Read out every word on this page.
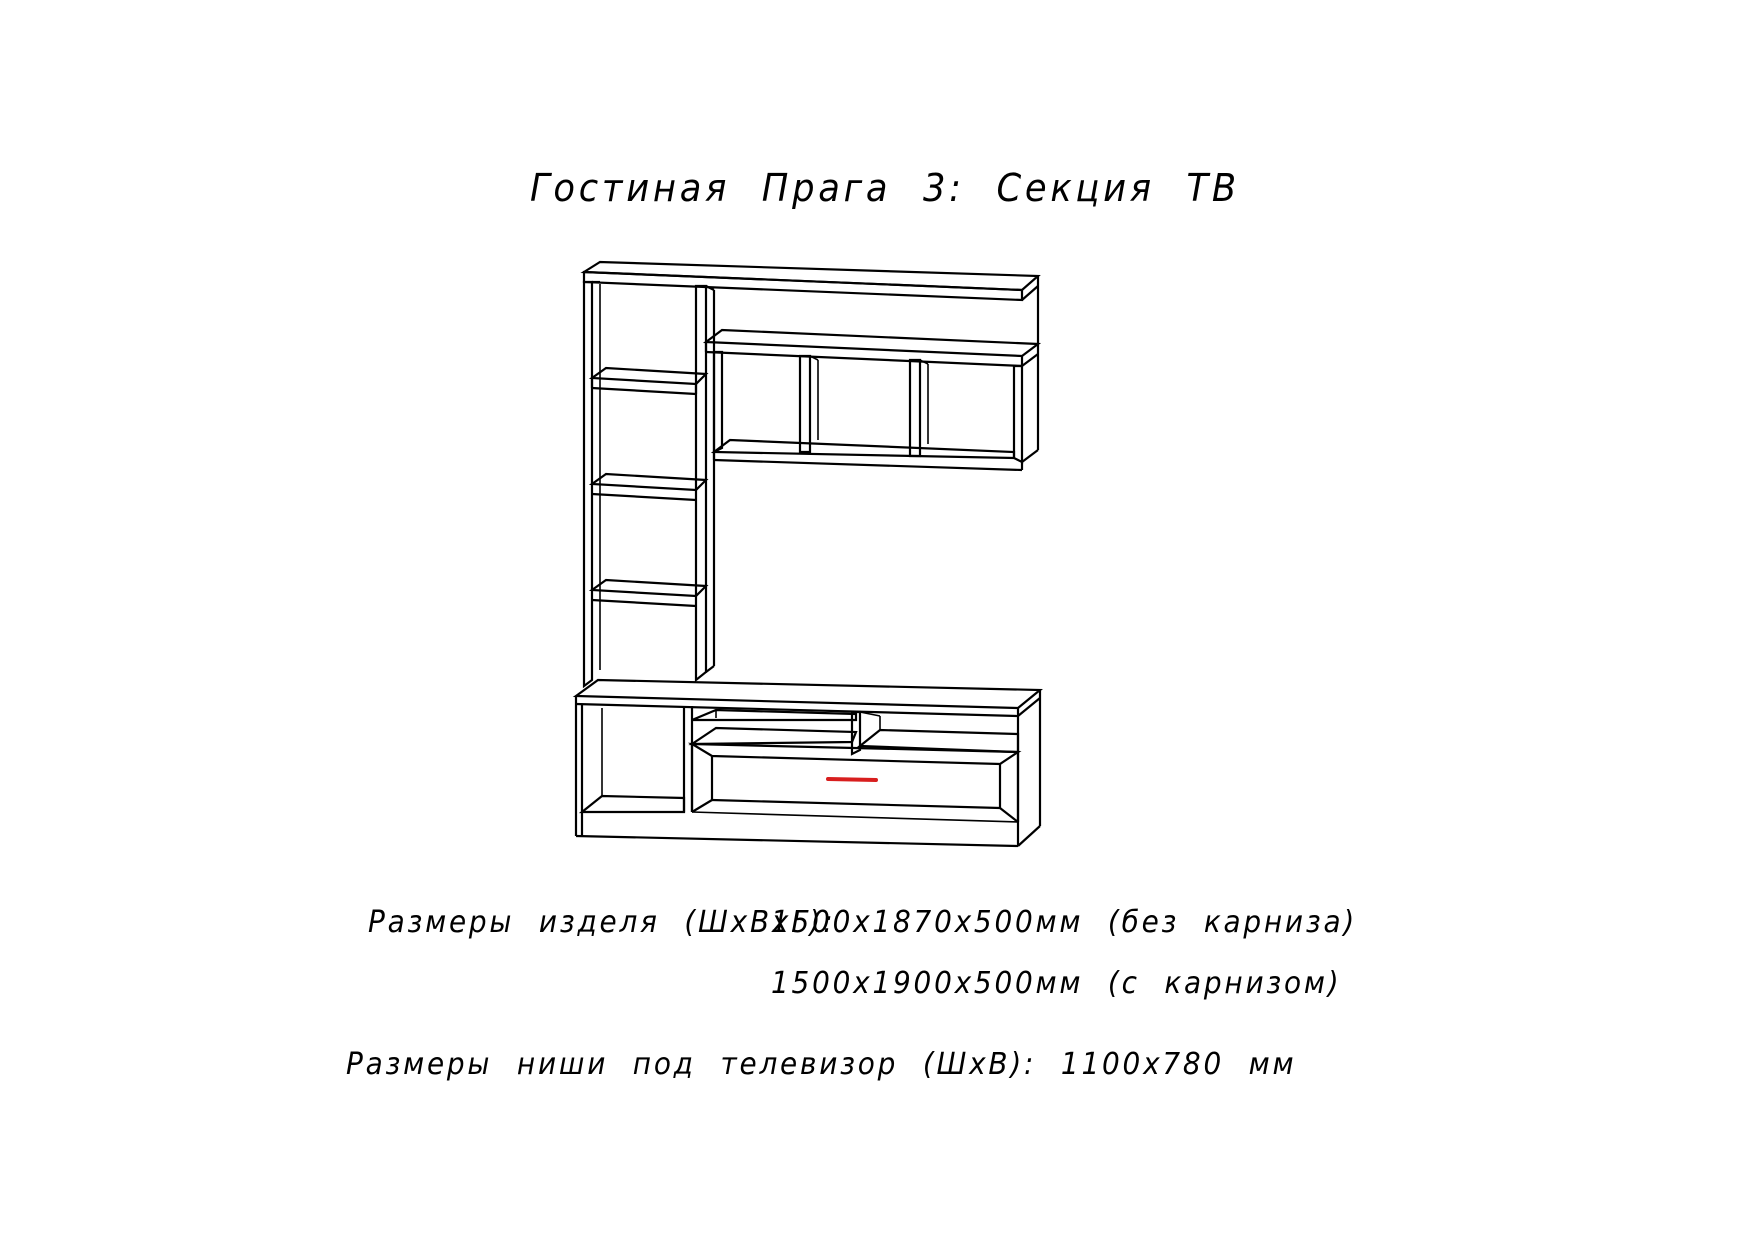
Гостиная Прага 3: Секция ТВ
Размеры изделя (ШхВхГ):
1500х1870х500мм (без карниза)
1500х1900х500мм (с карнизом)
Размеры ниши под телевизор (ШхВ): 1100х780 мм
